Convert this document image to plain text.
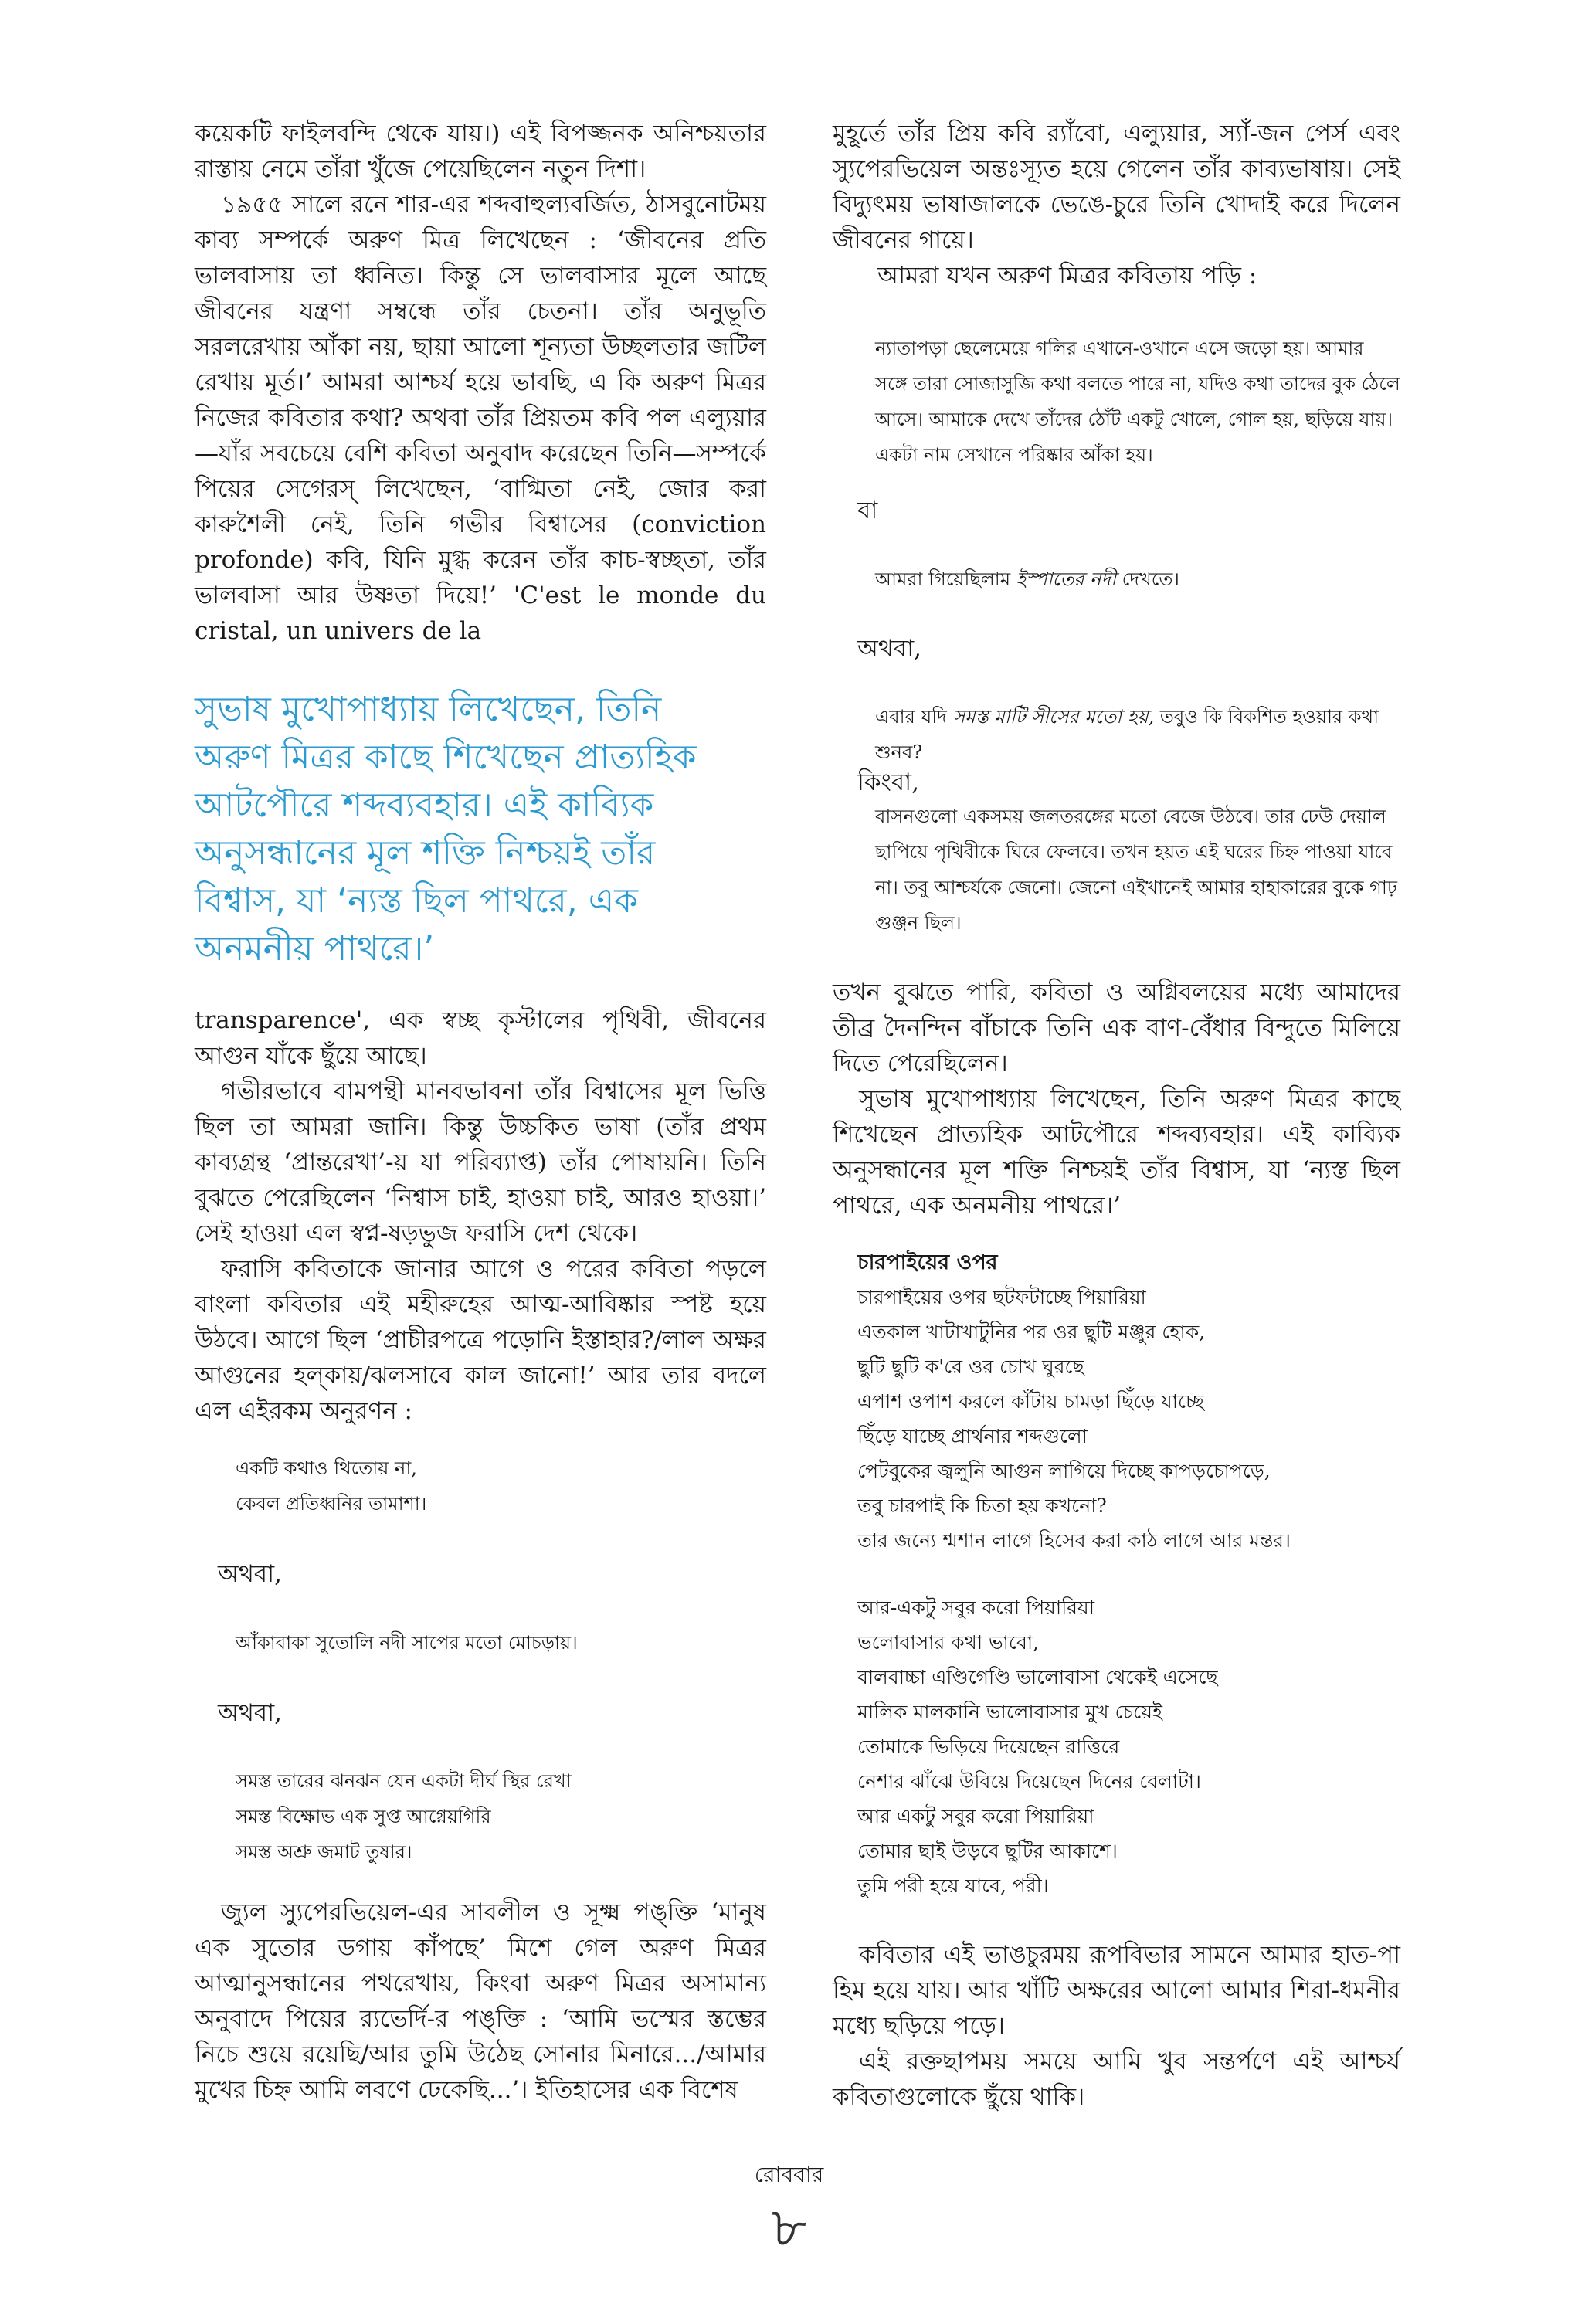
কয়েকটি ফাইলবন্দি থেকে যায়।) এই বিপজ্জনক অনিশ্চয়তার রাস্তায় নেমে তাঁরা খুঁজে পেয়েছিলেন নতুন দিশা।

১৯৫৫ সালে রনে শার-এর শব্দবাহুল্যবর্জিত, ঠাসবুনোটময় কাব্য সম্পর্কে অরুণ মিত্র লিখেছেন : ‘জীবনের প্রতি ভালবাসায় তা ধ্বনিত। কিন্তু সে ভালবাসার মূলে আছে জীবনের যন্ত্রণা সম্বন্ধে তাঁর চেতনা। তাঁর অনুভূতি সরলরেখায় আঁকা নয়, ছায়া আলো শূন্যতা উচ্ছলতার জটিল রেখায় মূর্ত।’ আমরা আশ্চর্য হয়ে ভাবছি, এ কি অরুণ মিত্রর নিজের কবিতার কথা? অথবা তাঁর প্রিয়তম কবি পল এল্যুয়ার—যাঁর সবচেয়ে বেশি কবিতা অনুবাদ করেছেন তিনি—সম্পর্কে পিয়ের সেগেরস্ লিখেছেন, ‘বাগ্মিতা নেই, জোর করা কারুশৈলী নেই, তিনি গভীর বিশ্বাসের (conviction profonde) কবি, যিনি মুগ্ধ করেন তাঁর কাচ-স্বচ্ছতা, তাঁর ভালবাসা আর উষ্ণতা দিয়ে!’ 'C'est le monde du cristal, un univers de la

সুভাষ মুখোপাধ্যায় লিখেছেন, তিনি অরুণ মিত্রর কাছে শিখেছেন প্রাত্যহিক আটপৌরে শব্দব্যবহার। এই কাব্যিক অনুসন্ধানের মূল শক্তি নিশ্চয়ই তাঁর বিশ্বাস, যা ‘ন্যস্ত ছিল পাথরে, এক অনমনীয় পাথরে।’

transparence', এক স্বচ্ছ কৃস্টালের পৃথিবী, জীবনের আগুন যাঁকে ছুঁয়ে আছে।

গভীরভাবে বামপন্থী মানবভাবনা তাঁর বিশ্বাসের মূল ভিত্তি ছিল তা আমরা জানি। কিন্তু উচ্চকিত ভাষা (তাঁর প্রথম কাব্যগ্রন্থ ‘প্রান্তরেখা’-য় যা পরিব্যাপ্ত) তাঁর পোষায়নি। তিনি বুঝতে পেরেছিলেন ‘নিশ্বাস চাই, হাওয়া চাই, আরও হাওয়া।’ সেই হাওয়া এল স্বপ্ন-ষড়ভুজ ফরাসি দেশ থেকে।

ফরাসি কবিতাকে জানার আগে ও পরের কবিতা পড়লে বাংলা কবিতার এই মহীরুহের আত্ম-আবিষ্কার স্পষ্ট হয়ে উঠবে। আগে ছিল ‘প্রাচীরপত্রে পড়োনি ইস্তাহার?/লাল অক্ষর আগুনের হল্‌কায়/ঝলসাবে কাল জানো!’ আর তার বদলে এল এইরকম অনুরণন :

একটি কথাও থিতোয় না,

কেবল প্রতিধ্বনির তামাশা।

অথবা,

আঁকাবাকা সুতোলি নদী সাপের মতো মোচড়ায়।

অথবা,

সমস্ত তারের ঝনঝন যেন একটা দীর্ঘ স্থির রেখা

সমস্ত বিক্ষোভ এক সুপ্ত আগ্নেয়গিরি

সমস্ত অশ্রু জমাট তুষার।

জ্যুল স্যুপেরভিয়েল-এর সাবলীল ও সূক্ষ্ম পঙ্‌ক্তি ‘মানুষ এক সুতোর ডগায় কাঁপছে’ মিশে গেল অরুণ মিত্রর আত্মানুসন্ধানের পথরেখায়, কিংবা অরুণ মিত্রর অসামান্য অনুবাদে পিয়ের র‍্যভের্দি-র পঙ্‌ক্তি : ‘আমি ভস্মের স্তম্ভের নিচে শুয়ে রয়েছি/আর তুমি উঠেছ সোনার মিনারে.../আমার মুখের চিহ্ন আমি লবণে ঢেকেছি...’। ইতিহাসের এক বিশেষ

মুহূর্তে তাঁর প্রিয় কবি র‍্যাঁবো, এল্যুয়ার, স্যাঁ-জন পের্স এবং স্যুপেরভিয়েল অন্তঃস্যূত হয়ে গেলেন তাঁর কাব্যভাষায়। সেই বিদ্যুৎময় ভাষাজালকে ভেঙে-চুরে তিনি খোদাই করে দিলেন জীবনের গায়ে।

আমরা যখন অরুণ মিত্রর কবিতায় পড়ি :

ন্যাতাপড়া ছেলেমেয়ে গলির এখানে-ওখানে এসে জড়ো হয়। আমার সঙ্গে তারা সোজাসুজি কথা বলতে পারে না, যদিও কথা তাদের বুক ঠেলে আসে। আমাকে দেখে তাঁদের ঠোঁট একটু খোলে, গোল হয়, ছড়িয়ে যায়। একটা নাম সেখানে পরিষ্কার আঁকা হয়।

বা

আমরা গিয়েছিলাম ইস্পাতের নদী দেখতে।

অথবা,

এবার যদি সমস্ত মাটি সীসের মতো হয়, তবুও কি বিকশিত হওয়ার কথা শুনব?

কিংবা,

বাসনগুলো একসময় জলতরঙ্গের মতো বেজে উঠবে। তার ঢেউ দেয়াল ছাপিয়ে পৃথিবীকে ঘিরে ফেলবে। তখন হয়ত এই ঘরের চিহ্ন পাওয়া যাবে না। তবু আশ্চর্যকে জেনো। জেনো এইখানেই আমার হাহাকারের বুকে গাঢ় গুঞ্জন ছিল।

তখন বুঝতে পারি, কবিতা ও অগ্নিবলয়ের মধ্যে আমাদের তীব্র দৈনন্দিন বাঁচাকে তিনি এক বাণ-বেঁধার বিন্দুতে মিলিয়ে দিতে পেরেছিলেন।

সুভাষ মুখোপাধ্যায় লিখেছেন, তিনি অরুণ মিত্রর কাছে শিখেছেন প্রাত্যহিক আটপৌরে শব্দব্যবহার। এই কাব্যিক অনুসন্ধানের মূল শক্তি নিশ্চয়ই তাঁর বিশ্বাস, যা ‘ন্যস্ত ছিল পাথরে, এক অনমনীয় পাথরে।’

চারপাইয়ের ওপর

চারপাইয়ের ওপর ছটফটাচ্ছে পিয়ারিয়া

এতকাল খাটাখাটুনির পর ওর ছুটি মঞ্জুর হোক,

ছুটি ছুটি ক'রে ওর চোখ ঘুরছে

এপাশ ওপাশ করলে কাঁটায় চামড়া ছিঁড়ে যাচ্ছে

ছিঁড়ে যাচ্ছে প্রার্থনার শব্দগুলো

পেটবুকের জ্বলুনি আগুন লাগিয়ে দিচ্ছে কাপড়চোপড়ে,

তবু চারপাই কি চিতা হয় কখনো?

তার জন্যে শ্মশান লাগে হিসেব করা কাঠ লাগে আর মন্তর।

আর-একটু সবুর করো পিয়ারিয়া

ভলোবাসার কথা ভাবো,

বালবাচ্চা এণ্ডিগেণ্ডি ভালোবাসা থেকেই এসেছে

মালিক মালকানি ভালোবাসার মুখ চেয়েই

তোমাকে ভিড়িয়ে দিয়েছেন রাত্তিরে

নেশার ঝাঁঝে উবিয়ে দিয়েছেন দিনের বেলাটা।

আর একটু সবুর করো পিয়ারিয়া

তোমার ছাই উড়বে ছুটির আকাশে।

তুমি পরী হয়ে যাবে, পরী।

কবিতার এই ভাঙচুরময় রূপবিভার সামনে আমার হাত-পা হিম হয়ে যায়। আর খাঁটি অক্ষরের আলো আমার শিরা-ধমনীর মধ্যে ছড়িয়ে পড়ে।

এই রক্তছাপময় সময়ে আমি খুব সন্তর্পণে এই আশ্চর্য কবিতাগুলোকে ছুঁয়ে থাকি।

রোববার
৮
